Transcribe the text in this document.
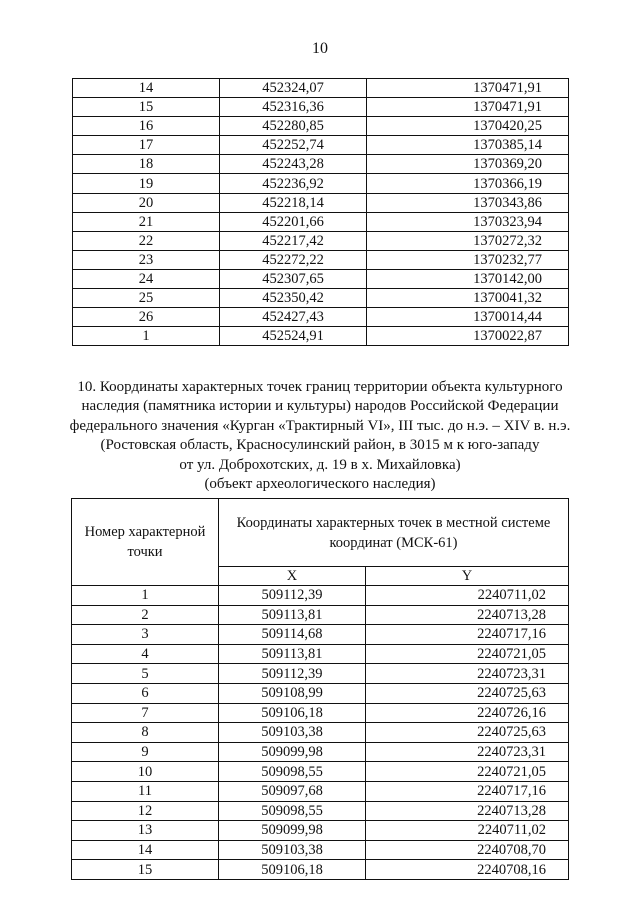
10
14	452324,07	1370471,91
15	452316,36	1370471,91
16	452280,85	1370420,25
17	452252,74	1370385,14
18	452243,28	1370369,20
19	452236,92	1370366,19
20	452218,14	1370343,86
21	452201,66	1370323,94
22	452217,42	1370272,32
23	452272,22	1370232,77
24	452307,65	1370142,00
25	452350,42	1370041,32
26	452427,43	1370014,44
1	452524,91	1370022,87
10. Координаты характерных точек границ территории объекта культурного
наследия (памятника истории и культуры) народов Российской Федерации
федерального значения «Курган «Трактирный VI», III тыс. до н.э. – XIV в. н.э.
(Ростовская область, Красносулинский район, в 3015 м к юго-западу
от ул. Доброхотских, д. 19 в х. Михайловка)
(объект археологического наследия)
Номер характерной точки	Координаты характерных точек в местной системе координат (МСК-61)	
	X	Y
1	509112,39	2240711,02
2	509113,81	2240713,28
3	509114,68	2240717,16
4	509113,81	2240721,05
5	509112,39	2240723,31
6	509108,99	2240725,63
7	509106,18	2240726,16
8	509103,38	2240725,63
9	509099,98	2240723,31
10	509098,55	2240721,05
11	509097,68	2240717,16
12	509098,55	2240713,28
13	509099,98	2240711,02
14	509103,38	2240708,70
15	509106,18	2240708,16
